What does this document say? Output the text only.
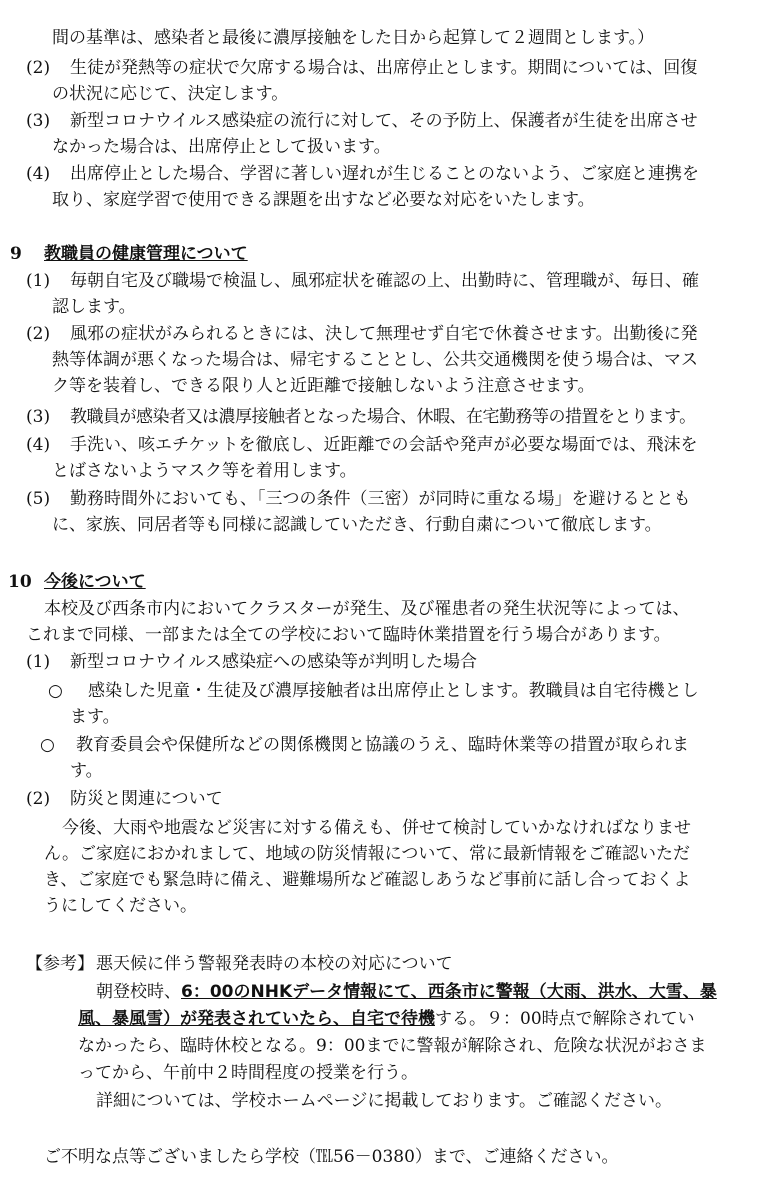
間の基準は、感染者と最後に濃厚接触をした日から起算して２週間とします。）
(2) 生徒が発熱等の症状で欠席する場合は、出席停止とします。期間については、回復
の状況に応じて、決定します。
(3) 新型コロナウイルス感染症の流行に対して、その予防上、保護者が生徒を出席させ
なかった場合は、出席停止として扱います。
(4) 出席停止とした場合、学習に著しい遅れが生じることのないよう、ご家庭と連携を
取り、家庭学習で使用できる課題を出すなど必要な対応をいたします。
9 教職員の健康管理について
(1) 毎朝自宅及び職場で検温し、風邪症状を確認の上、出勤時に、管理職が、毎日、確
認します。
(2) 風邪の症状がみられるときには、決して無理せず自宅で休養させます。出勤後に発
熱等体調が悪くなった場合は、帰宅することとし、公共交通機関を使う場合は、マス
ク等を装着し、できる限り人と近距離で接触しないよう注意させます。
(3) 教職員が感染者又は濃厚接触者となった場合、休暇、在宅勤務等の措置をとります。
(4) 手洗い、咳エチケットを徹底し、近距離での会話や発声が必要な場面では、飛沫を
とばさないようマスク等を着用します。
(5) 勤務時間外においても、「三つの条件（三密）が同時に重なる場」を避けるととも
に、家族、同居者等も同様に認識していただき、行動自粛について徹底します。
10 今後について
本校及び西条市内においてクラスターが発生、及び罹患者の発生状況等によっては、
これまで同様、一部または全ての学校において臨時休業措置を行う場合があります。
(1) 新型コロナウイルス感染症への感染等が判明した場合
○ 感染した児童・生徒及び濃厚接触者は出席停止とします。教職員は自宅待機とし
ます。
○ 教育委員会や保健所などの関係機関と協議のうえ、臨時休業等の措置が取られま
す。
(2) 防災と関連について
今後、大雨や地震など災害に対する備えも、併せて検討していかなければなりませ
ん。ご家庭におかれまして、地域の防災情報について、常に最新情報をご確認いただ
き、ご家庭でも緊急時に備え、避難場所など確認しあうなど事前に話し合っておくよ
うにしてください。
【参考】 悪天候に伴う警報発表時の本校の対応について
朝登校時、6：00のNHKデータ情報にて、西条市に警報（大雨、洪水、大雪、暴
風、暴風雪）が発表されていたら、自宅で待機する。９：00時点で解除されてい
なかったら、臨時休校となる。9：00までに警報が解除され、危険な状況がおさま
ってから、午前中２時間程度の授業を行う。
詳細については、学校ホームページに掲載しております。ご確認ください。
ご不明な点等ございましたら学校（℡56－0380）まで、ご連絡ください。
